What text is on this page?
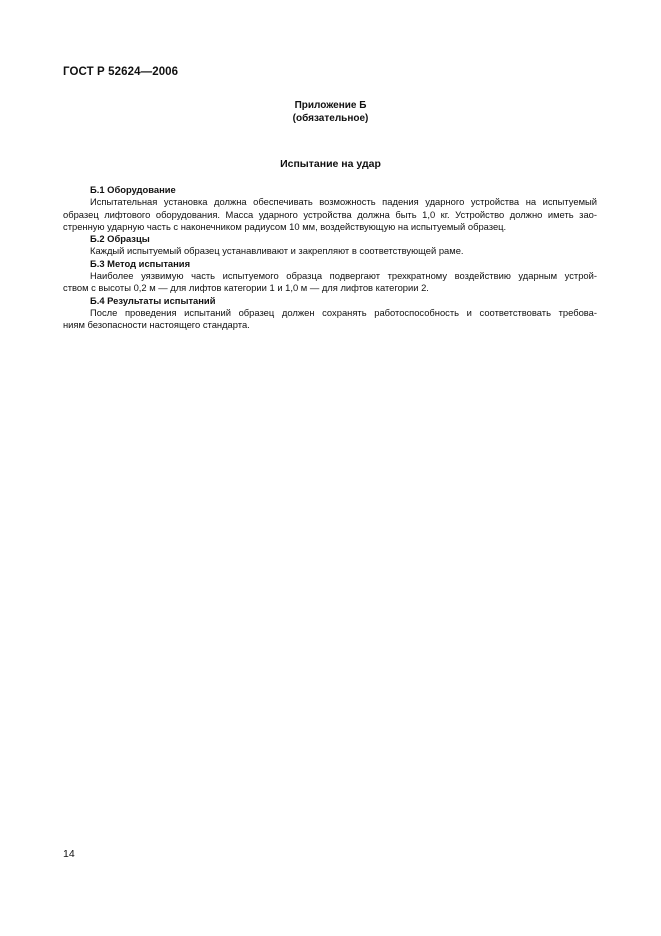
ГОСТ Р 52624—2006
Приложение Б
(обязательное)
Испытание на удар
Б.1 Оборудование
Испытательная установка должна обеспечивать возможность падения ударного устройства на испытуемый
образец лифтового оборудования. Масса ударного устройства должна быть 1,0 кг. Устройство должно иметь зао-
стренную ударную часть с наконечником радиусом 10 мм, воздействующую на испытуемый образец.
Б.2 Образцы
Каждый испытуемый образец устанавливают и закрепляют в соответствующей раме.
Б.3 Метод испытания
Наиболее уязвимую часть испытуемого образца подвергают трехкратному воздействию ударным устрой-
ством с высоты 0,2 м — для лифтов категории 1 и 1,0 м — для лифтов категории 2.
Б.4 Результаты испытаний
После проведения испытаний образец должен сохранять работоспособность и соответствовать требова-
ниям безопасности настоящего стандарта.
14
